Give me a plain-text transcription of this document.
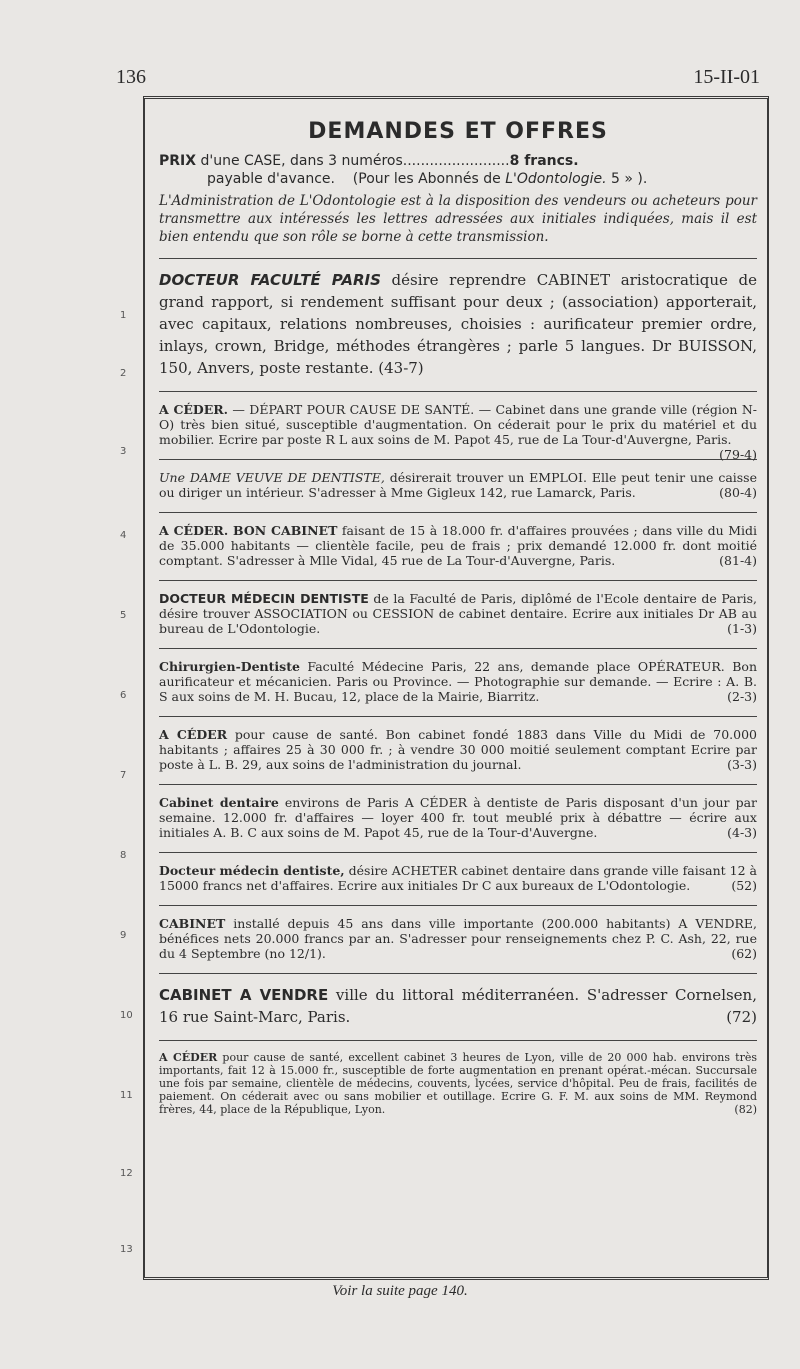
136	15-II-01
1
2
3
4
5
6
7
8
9
10
11
12
13
DEMANDES ET OFFRES
PRIX d'une CASE, dans 3 numéros........................8 francs.
payable d'avance. (Pour les Abonnés de L'Odontologie. 5 » ).
L'Administration de L'Odontologie est à la disposition des vendeurs ou acheteurs pour transmettre aux intéressés les lettres adressées aux initiales indiquées, mais il est bien entendu que son rôle se borne à cette transmission.
DOCTEUR FACULTÉ PARIS désire reprendre CABINET aristocratique de grand rapport, si rendement suffisant pour deux ; (association) apporterait, avec capitaux, relations nombreuses, choisies : aurificateur premier ordre, inlays, crown, Bridge, méthodes étrangères ; parle 5 langues. Dr BUISSON, 150, Anvers, poste restante. (43-7)
A CÉDER. — DÉPART POUR CAUSE DE SANTÉ. — Cabinet dans une grande ville (région N-O) très bien situé, susceptible d'augmentation. On céderait pour le prix du matériel et du mobilier. Ecrire par poste R L aux soins de M. Papot 45, rue de La Tour-d'Auvergne, Paris.
(79-4)
Une DAME VEUVE DE DENTISTE, désirerait trouver un EMPLOI. Elle peut tenir une caisse ou diriger un intérieur. S'adresser à Mme Gigleux 142, rue Lamarck, Paris.	(80-4)
A CÉDER. BON CABINET faisant de 15 à 18.000 fr. d'affaires prouvées ; dans ville du Midi de 35.000 habitants — clientèle facile, peu de frais ; prix demandé 12.000 fr. dont moitié comptant. S'adresser à Mlle Vidal, 45 rue de La Tour-d'Auvergne, Paris.	(81-4)
DOCTEUR MÉDECIN DENTISTE de la Faculté de Paris, diplômé de l'Ecole dentaire de Paris, désire trouver ASSOCIATION ou CESSION de cabinet dentaire. Ecrire aux initiales Dr AB au bureau de L'Odontologie.	(1-3)
Chirurgien-Dentiste Faculté Médecine Paris, 22 ans, demande place OPÉRATEUR. Bon aurificateur et mécanicien. Paris ou Province. — Photographie sur demande. — Ecrire : A. B. S aux soins de M. H. Bucau, 12, place de la Mairie, Biarritz.	(2-3)
A CÉDER pour cause de santé. Bon cabinet fondé 1883 dans Ville du Midi de 70.000 habitants ; affaires 25 à 30 000 fr. ; à vendre 30 000 moitié seulement comptant Ecrire par poste à L. B. 29, aux soins de l'administration du journal.	(3-3)
Cabinet dentaire environs de Paris A CÉDER à dentiste de Paris disposant d'un jour par semaine. 12.000 fr. d'affaires — loyer 400 fr. tout meublé prix à débattre — écrire aux initiales A. B. C aux soins de M. Papot 45, rue de la Tour-d'Auvergne.	(4-3)
Docteur médecin dentiste, désire ACHETER cabinet dentaire dans grande ville faisant 12 à 15000 francs net d'affaires. Ecrire aux initiales Dr C aux bureaux de L'Odontologie.	(52)
CABINET installé depuis 45 ans dans ville importante (200.000 habitants) A VENDRE, bénéfices nets 20.000 francs par an. S'adresser pour renseignements chez P. C. Ash, 22, rue du 4 Septembre (no 12/1).	(62)
CABINET A VENDRE ville du littoral méditerranéen. S'adresser Cornelsen, 16 rue Saint-Marc, Paris.	(72)
A CÉDER pour cause de santé, excellent cabinet 3 heures de Lyon, ville de 20 000 hab. environs très importants, fait 12 à 15.000 fr., susceptible de forte augmentation en prenant opérat.-mécan. Succursale une fois par semaine, clientèle de médecins, couvents, lycées, service d'hôpital. Peu de frais, facilités de paiement. On céderait avec ou sans mobilier et outillage. Ecrire G. F. M. aux soins de MM. Reymond frères, 44, place de la République, Lyon.	(82)
Voir la suite page 140.
